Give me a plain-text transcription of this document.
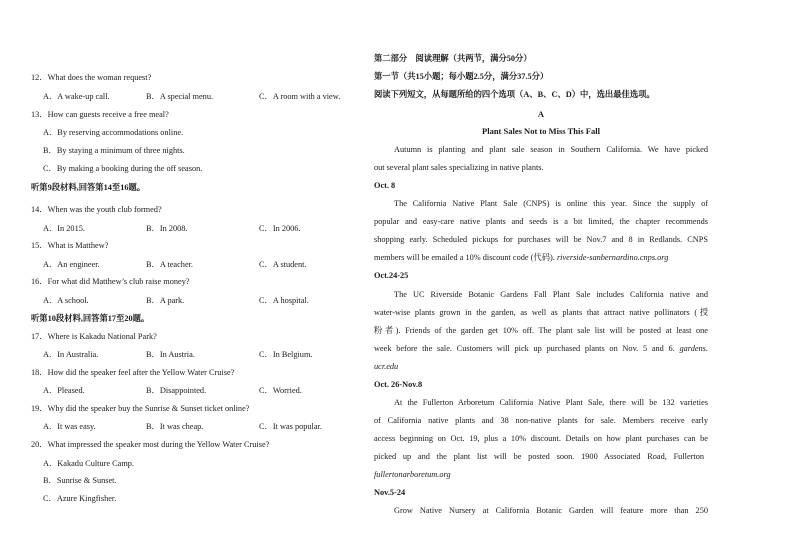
12．What does the woman request?
A．A wake-up call.	B．A special menu.	C．A room with a view.
13．How can guests receive a free meal?
A．By reserving accommodations online.
B．By staying a minimum of three nights.
C．By making a booking during the off season.
听第9段材料,回答第14至16题。
14．When was the youth club formed?
A．In 2015.	B．In 2008.	C．In 2006.
15．What is Matthew?
A．An engineer.	B．A teacher.	C．A student.
16．For what did Matthew’s club raise money?
A．A school.	B．A park.	C．A hospital.
听第10段材料,回答第17至20题。
17．Where is Kakadu National Park?
A．In Australia.	B．In Austria.	C．In Belgium.
18．How did the speaker feel after the Yellow Water Cruise?
A．Pleased.	B．Disappointed.	C．Worried.
19．Why did the speaker buy the Sunrise & Sunset ticket online?
A．It was easy.	B．It was cheap.	C．It was popular.
20．What impressed the speaker most during the Yellow Water Cruise?
A．Kakadu Culture Camp.
B．Sunrise & Sunset.
C．Azure Kingfisher.
第二部分　阅读理解（共两节，满分50分）
第一节（共15小题；每小题2.5分，满分37.5分）
阅读下列短文，从每题所给的四个选项（A、B、C、D）中，选出最佳选项。
A
Plant Sales Not to Miss This Fall
Autumn is planting and plant sale season in Southern California. We have picked
out several plant sales specializing in native plants.
Oct. 8
The California Native Plant Sale (CNPS) is online this year. Since the supply of
popular and easy-care native plants and seeds is a bit limited, the chapter recommends
shopping early. Scheduled pickups for purchases will be Nov.7 and 8 in Redlands. CNPS
members will be emailed a 10% discount code (代码). riverside-sanbernardino.cnps.org
Oct.24-25
The UC Riverside Botanic Gardens Fall Plant Sale includes California native and
water-wise plants grown in the garden, as well as plants that attract native pollinators (授
粉者). Friends of the garden get 10% off. The plant sale list will be posted at least one
week before the sale. Customers will pick up purchased plants on Nov. 5 and 6. gardens.
ucr.edu
Oct. 26-Nov.8
At the Fullerton Arboretum California Native Plant Sale, there will be 132 varieties
of California native plants and 38 non-native plants for sale. Members receive early
access beginning on Oct. 19, plus a 10% discount. Details on how plant purchases can be
picked up and the plant list will be posted soon. 1900 Associated Road, Fullerton
fullertonarboretum.org
Nov.5-24
Grow Native Nursery at California Botanic Garden will feature more than 250
